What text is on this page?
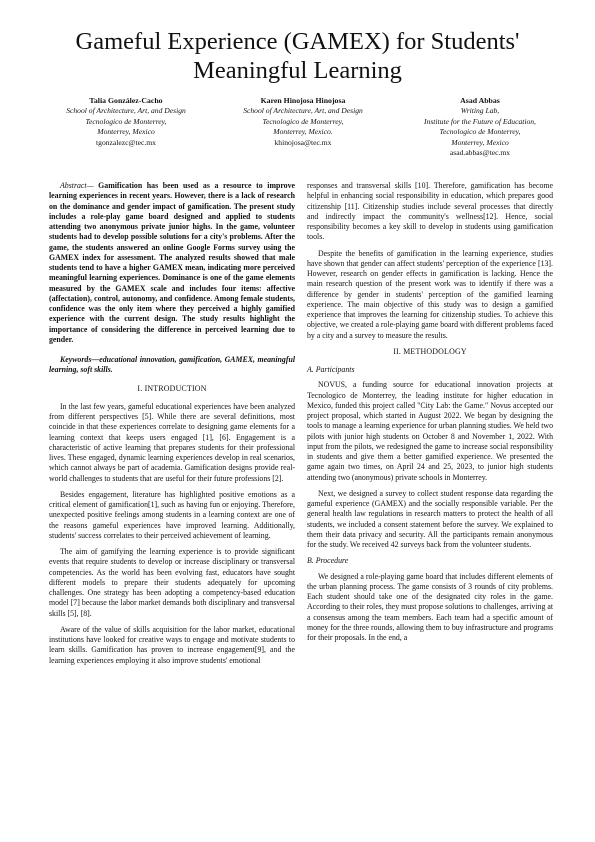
Gameful Experience (GAMEX) for Students' Meaningful Learning
Talia González-Cacho
School of Architecture, Art, and Design
Tecnologico de Monterrey,
Monterrey, Mexico
tgonzalezc@tec.mx
Karen Hinojosa Hinojosa
School of Architecture, Art, and Design
Tecnologico de Monterrey,
Monterrey, Mexico.
khinojosa@tec.mx
Asad Abbas
Writing Lab,
Institute for the Future of Education,
Tecnologico de Monterrey,
Monterrey, Mexico
asad.abbas@tec.mx

Abstract— Gamification has been used as a resource to improve learning experiences in recent years. However, there is a lack of research on the dominance and gender impact of gamification. The present study includes a role-play game board designed and applied to students attending two anonymous private junior highs. In the game, volunteer students had to develop possible solutions for a city's problems. After the game, the students answered an online Google Forms survey using the GAMEX index for assessment. The analyzed results showed that male students tend to have a higher GAMEX mean, indicating more perceived meaningful learning experiences. Dominance is one of the game elements measured by the GAMEX scale and includes four items: affective (affectation), control, autonomy, and confidence. Among female students, confidence was the only item where they perceived a highly gamified experience with the current design. The study results highlight the importance of considering the difference in perceived learning due to gender.

Keywords—educational innovation, gamification, GAMEX, meaningful learning, soft skills.

I. INTRODUCTION

In the last few years, gameful educational experiences have been analyzed from different perspectives [5]. While there are several definitions, most coincide in that these experiences correlate to designing game elements for a learning context that keeps users engaged [1], [6]. Engagement is a characteristic of active learning that prepares students for their professional lives. These engaged, dynamic learning experiences develop in real scenarios, which cannot always be part of academia. Gamification designs provide real-world challenges to students that are useful for their future professions [2].

Besides engagement, literature has highlighted positive emotions as a critical element of gamification[1], such as having fun or enjoying. Therefore, unexpected positive feelings among students in a learning context are one of the reasons gameful experiences have improved learning. Additionally, students' success correlates to their perceived achievement of learning.

The aim of gamifying the learning experience is to provide significant events that require students to develop or increase disciplinary or transversal competencies. As the world has been evolving fast, educators have sought different models to prepare their students adequately for upcoming challenges. One strategy has been adopting a competency-based education model [7] because the labor market demands both disciplinary and transversal skills [5], [8].

Aware of the value of skills acquisition for the labor market, educational institutions have looked for creative ways to engage and motivate students to learn skills. Gamification has proven to increase engagement[9], and the learning experiences employing it also improve students' emotional

responses and transversal skills [10]. Therefore, gamification has become helpful in enhancing social responsibility in education, which prepares good citizenship [11]. Citizenship studies include several processes that directly and indirectly impact the community's wellness[12]. Hence, social responsibility becomes a key skill to develop in students using gamification tools.

Despite the benefits of gamification in the learning experience, studies have shown that gender can affect students' perception of the experience [13]. However, research on gender effects in gamification is lacking. Hence the main research question of the present work was to identify if there was a difference by gender in students' perception of the gamified learning experience. The main objective of this study was to design a gamified experience that improves the learning for citizenship studies. To achieve this objective, we created a role-playing game board with different problems faced by a city and a survey to measure the results.

II. METHODOLOGY
A. Participants

NOVUS, a funding source for educational innovation projects at Tecnologico de Monterrey, the leading institute for higher education in Mexico, funded this project called "City Lab: the Game." Novus accepted our project proposal, which started in August 2022. We began by designing the tools to manage a learning experience for urban planning studies. We held two pilots with junior high students on October 8 and November 1, 2022. With input from the pilots, we redesigned the game to increase social responsibility in students and give them a better gamified experience. We presented the game again two times, on April 24 and 25, 2023, to junior high students attending two (anonymous) private schools in Monterrey.

Next, we designed a survey to collect student response data regarding the gameful experience (GAMEX) and the socially responsible variable. Per the general health law regulations in research matters to protect the health of all students, we included a consent statement before the survey. We explained to them their data privacy and security. All the participants remain anonymous for the study. We received 42 surveys back from the volunteer students.

B. Procedure

We designed a role-playing game board that includes different elements of the urban planning process. The game consists of 3 rounds of city problems. Each student should take one of the designated city roles in the game. According to their roles, they must propose solutions to challenges, arriving at a consensus among the team members. Each team had a specific amount of money for the three rounds, allowing them to buy infrastructure and programs for their proposals. In the end, a
